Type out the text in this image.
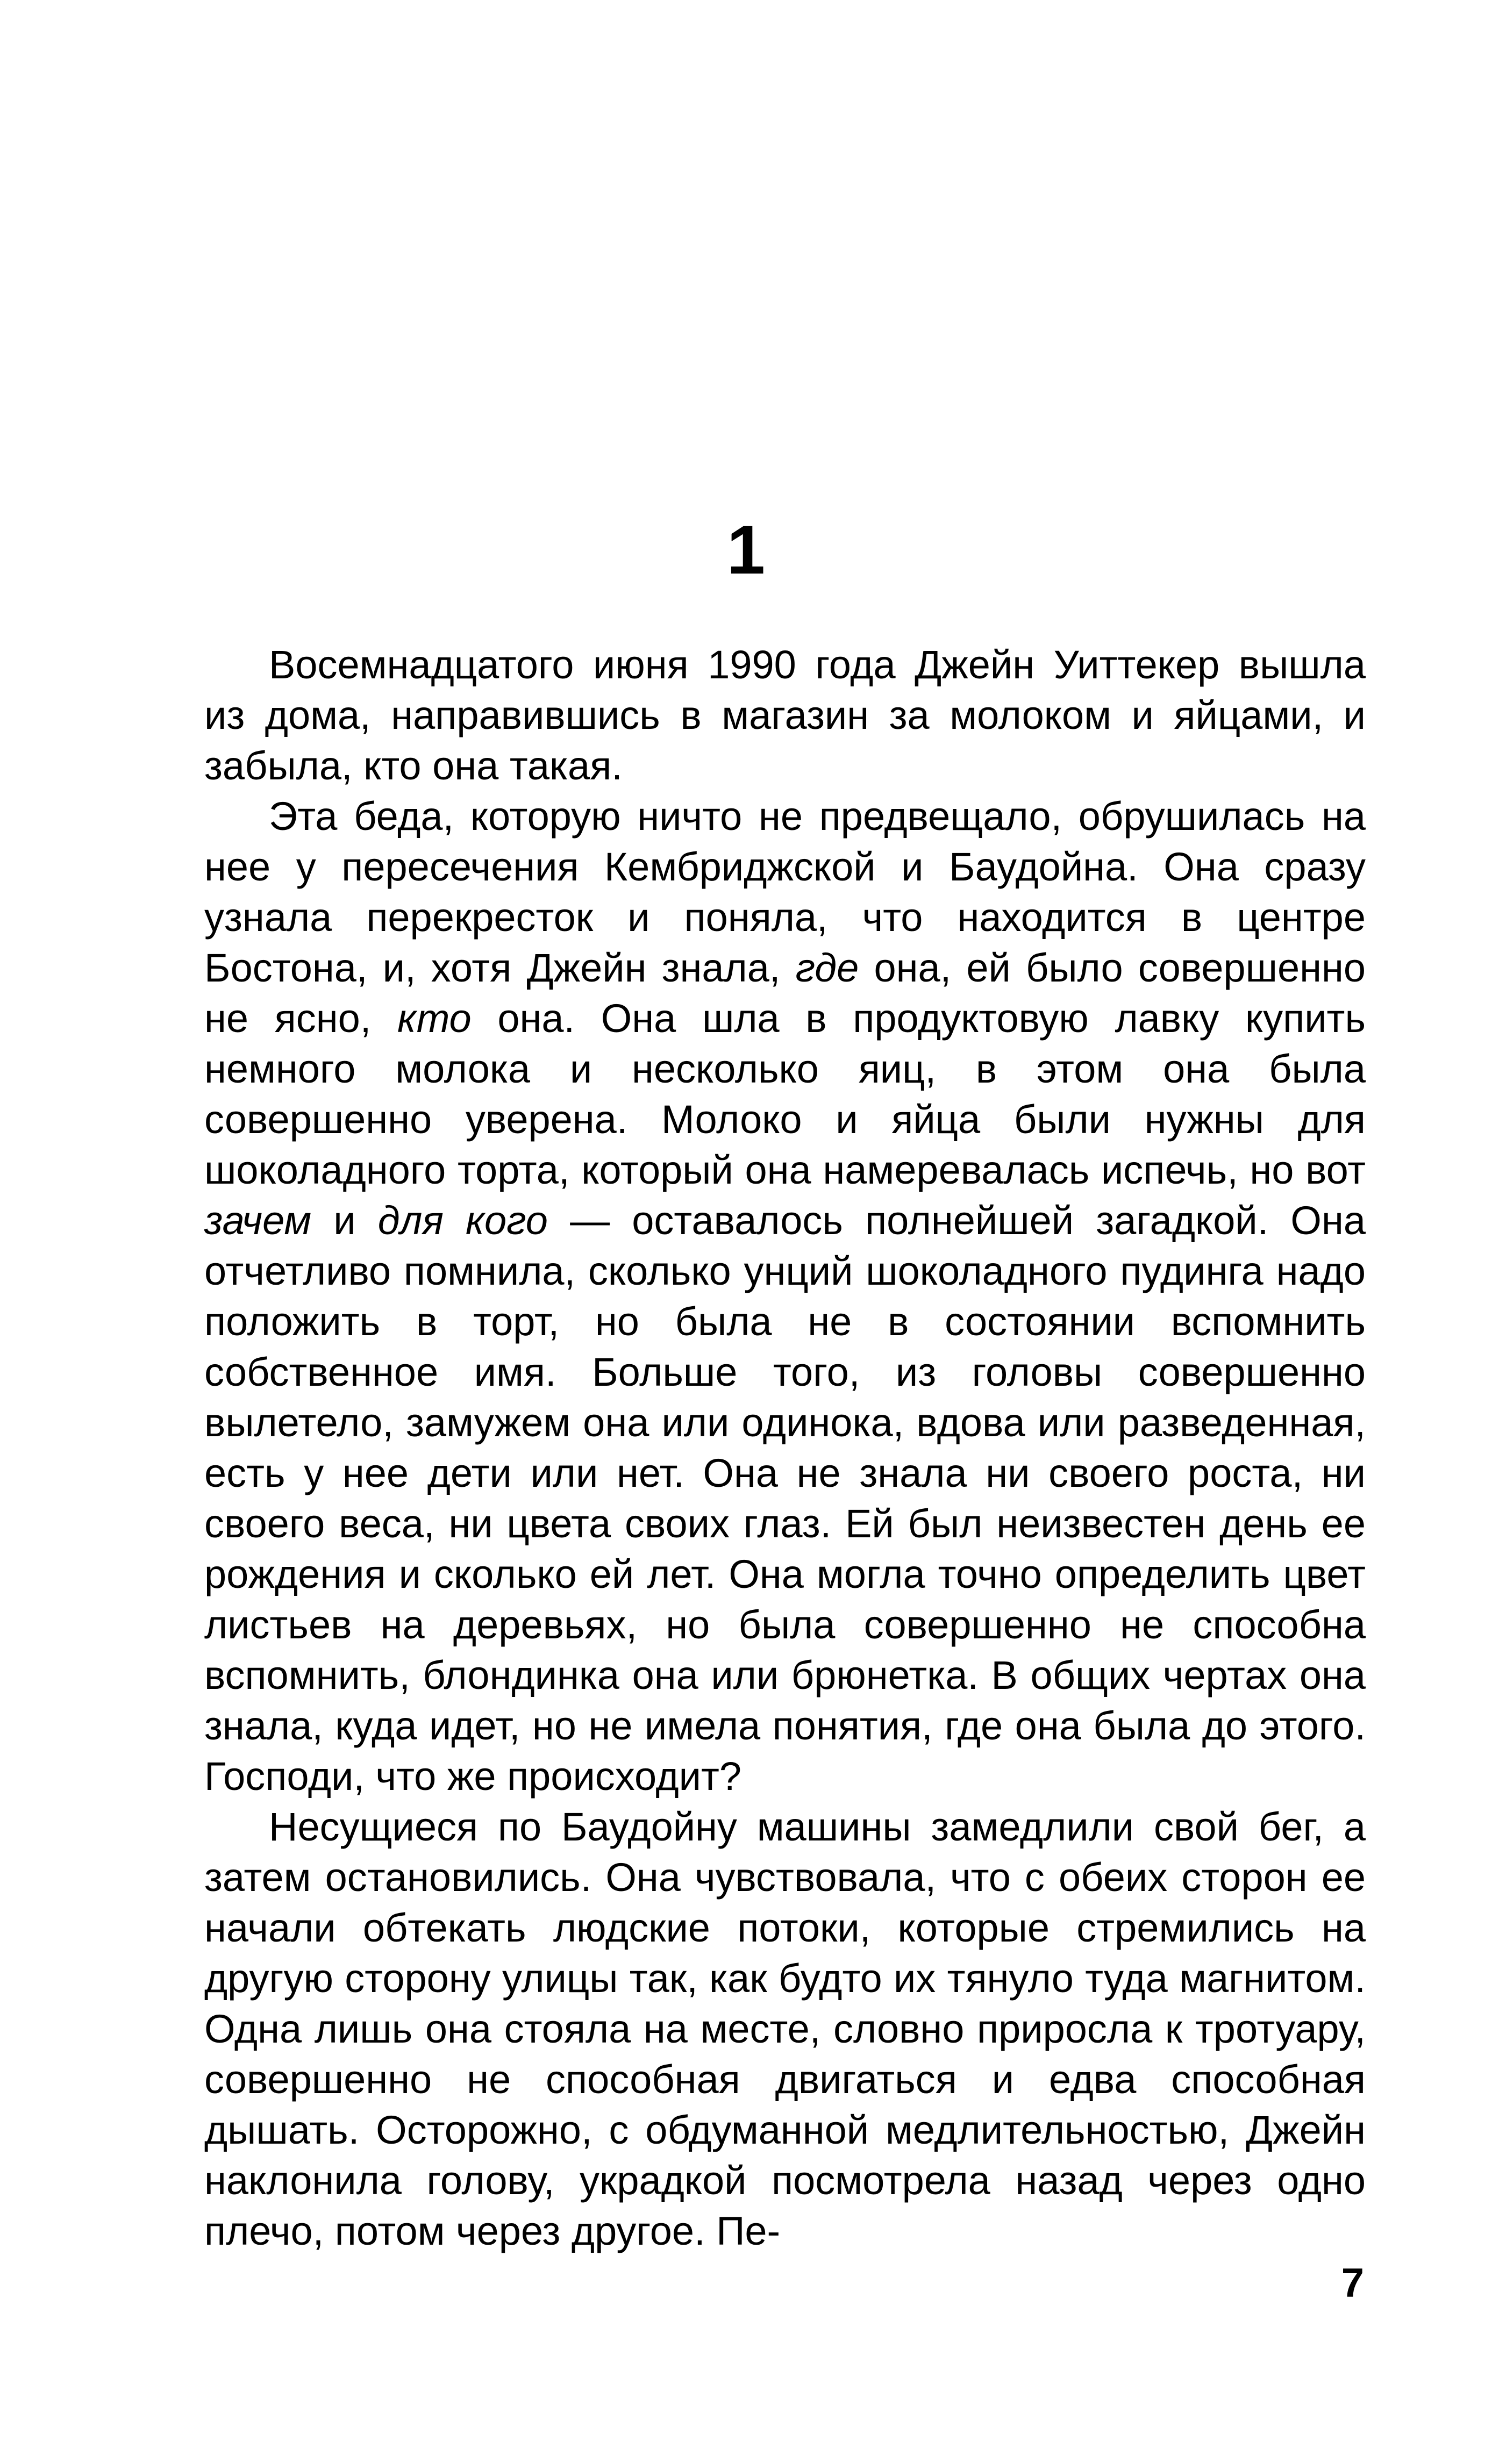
1

Восемнадцатого июня 1990 года Джейн Уиттекер вышла из дома, направившись в магазин за молоком и яйцами, и забыла, кто она такая.

Эта беда, которую ничто не предвещало, обрушилась на нее у пересечения Кембриджской и Баудойна. Она сразу узнала перекресток и поняла, что находится в центре Бостона, и, хотя Джейн знала, где она, ей было совершенно не ясно, кто она. Она шла в продуктовую лавку купить немного молока и несколько яиц, в этом она была совершенно уверена. Молоко и яйца были нужны для шоколадного торта, который она намеревалась испечь, но вот зачем и для кого — оставалось полнейшей загадкой. Она отчетливо помнила, сколько унций шоколадного пудинга надо положить в торт, но была не в состоянии вспомнить собственное имя. Больше того, из головы совершенно вылетело, замужем она или одинока, вдова или разведенная, есть у нее дети или нет. Она не знала ни своего роста, ни своего веса, ни цвета своих глаз. Ей был неизвестен день ее рождения и сколько ей лет. Она могла точно определить цвет листьев на деревьях, но была совершенно не способна вспомнить, блондинка она или брюнетка. В общих чертах она знала, куда идет, но не имела понятия, где она была до этого. Господи, что же происходит?

Несущиеся по Баудойну машины замедлили свой бег, а затем остановились. Она чувствовала, что с обеих сторон ее начали обтекать людские потоки, которые стремились на другую сторону улицы так, как будто их тянуло туда магнитом. Одна лишь она стояла на месте, словно приросла к тротуару, совершенно не способная двигаться и едва способная дышать. Осторожно, с обдуманной медлительностью, Джейн наклонила голову, украдкой посмотрела назад через одно плечо, потом через другое. Пе-

7
